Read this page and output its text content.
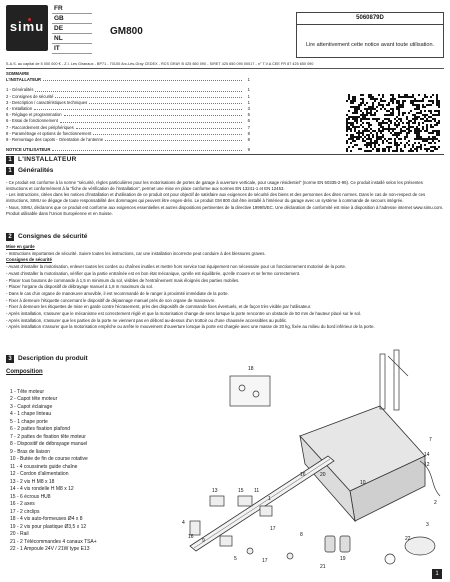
simu
FR
GB
DE
NL
IT
GM800
5060879D
Lire attentivement cette notice avant toute utilisation.
S.A.S. au capital de 5 000 000 € - Z.I. Les Giranaux - BP71 - 70100 Arc-Lès-Gray CEDEX - RCS GRAY B 425 650 090 - SIRET 425 650 090 00017 - n° T.V.A CEE FR 87 425 650 090
SOMMAIRE
L'INSTALLATEUR	1
1 - Généralités	1
2 - Consignes de sécurité	1
3 - Description / caractéristiques techniques	1
4 - Installation	3
5 - Réglage et programmation	5
6 - Essai de fonctionnement	6
7 - Raccordement des périphériques	7
8 - Paramétrage et options de fonctionnement	8
9 - Remontage des capots - Orientation de l'antenne	8
NOTICE UTILISATEUR	9
1 L'INSTALLATEUR
1 Généralités

- Ce produit est conforme à la norme "sécurité, règles particulières pour les motorisations de portes de garage à ouverture verticale, pour usage résidentiel" (norme EN 60335-2-95). Ce produit installé selon les présentes instructions et conformément à la "fiche de vérification de l'installation", permet une mise en place conforme aux normes EN 13241-1 et EN 12453.

- Les instructions, citées dans les notices d'installation et d'utilisation de ce produit ont pour objectif de satisfaire aux exigences de sécurité des biens et des personnes des dites normes. Dans le cas de non-respect de ces instructions, SIMU se dégage de toute responsabilité des dommages qui peuvent être engen-drés. Le produit GM 800 doit être installé à l'intérieur du garage avec un système à commande de secours intégrée.

- Nous, SIMU, déclarons que ce produit est conforme aux exigences essentielles et autres dispositions pertinentes de la directive 1999/5/EC. Une déclaration de conformité est mise à disposition à l'adresse internet www.simu.com. Produit utilisable dans l'Union Européenne et en Suisse.

2 Consignes de sécurité

Mise en garde

- Instructions importantes de sécurité. Suivre toutes les instructions, car une installation incorrecte peut conduire à des blessures graves.

Consignes de sécurité

- Avant d'installer la motorisation, enlever toutes les cordes ou chaînes inutiles et mettre hors service tout équipement non nécessaire pour un fonctionnement motorisé de la porte.

- Avant d'installer la motorisation, vérifier que la partie entraînée est en bon état mécanique, qu'elle est équilibrée, qu'elle s'ouvre et se ferme correctement.

- Placer tous boutons de commande à 1,5 m minimum du sol, visibles de l'entraînement mais éloignés des parties mobiles.

- Placer l'organe du dispositif de débrayage manuel à 1,8 m maximum du sol.

- Dans le cas d'un organe de manœuvre amovible, il est recommandé de le ranger à proximité immédiate de la porte.

- Fixer à demeure l'étiquette concernant le dispositif de dépannage manuel près de son organe de manœuvre.

- Fixer à demeure les étiquettes de mise en garde contre l'écrasement, près des dispositifs de commande fixes éventuels, et de façon très visible par l'utilisateur.

- Après installation, s'assurer que le mécanisme est correctement réglé et que la motorisation change de sens lorsque la porte rencontre un obstacle de 50 mm de hauteur placé sur le sol.

- Après installation, s'assurer que les parties de la porte ne viennent pas en débord au-dessus d'un trottoir ou d'une chaussée accessibles au public.

- Après installation s'assurer que la motorisation empêche ou arrête le mouvement d'ouverture lorsque la porte est chargée avec une masse de 20 kg, fixée au milieu du bord inférieur de la porte.

3 Description du produit
Composition
1 - Tête moteur
2 - Capot tête moteur
3 - Capot éclairage
4 - 1 chape linteau
5 - 1 chape porte
6 - 2 pattes fixation plafond
7 - 2 pattes de fixation tête moteur
8 - Dispositif de débrayage manuel
9 - Bras de liaison
10 - Butée de fin de course rotative
11 - 4 coussinets guide chaîne
12 - Cordon d'alimentation
13 - 2 vis H M8 x 18
14 - 4 vis rondelle H M8 x 12
15 - 6 écrous HU8
16 - 2 axes
17 - 2 circlips
18 - 4 vis auto-formeuses Ø4 x 8
19 - 2 vis pour plastique Ø3,5 x 12
20 - Rail
21 - 2 Télécommandes 4 canaux TSA+
22 - 1 Ampoule 24V / 21W type E13
18
7
14
12
10
16	20
2
13	15 11
1
17
4
16
9
5
8
17	19
21
22
3
1
